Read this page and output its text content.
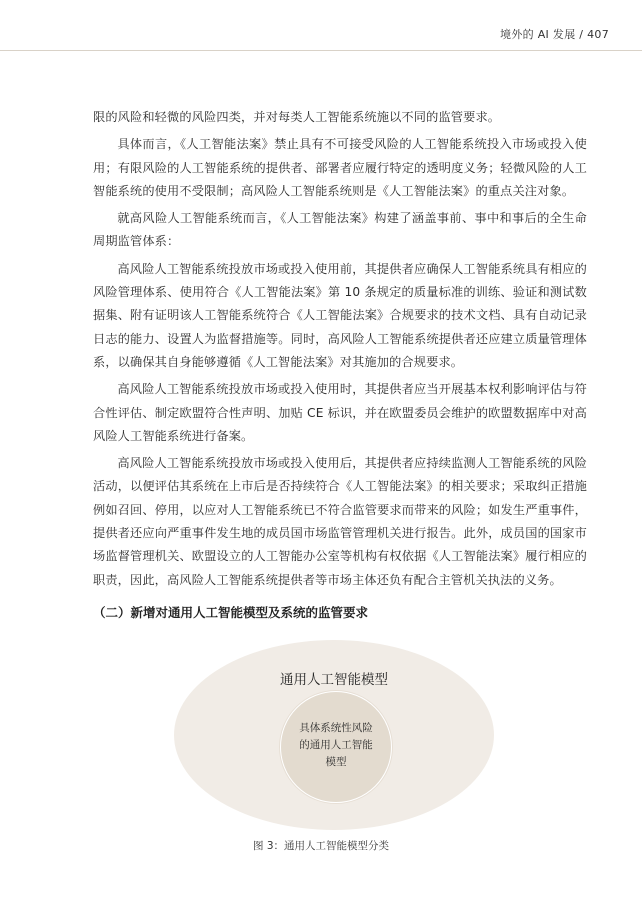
境外的 AI 发展 / 407

限的风险和轻微的风险四类，并对每类人工智能系统施以不同的监管要求。

具体而言，《人工智能法案》禁止具有不可接受风险的人工智能系统投入市场或投入使用；有限风险的人工智能系统的提供者、部署者应履行特定的透明度义务；轻微风险的人工智能系统的使用不受限制；高风险人工智能系统则是《人工智能法案》的重点关注对象。

就高风险人工智能系统而言，《人工智能法案》构建了涵盖事前、事中和事后的全生命周期监管体系：

高风险人工智能系统投放市场或投入使用前，其提供者应确保人工智能系统具有相应的风险管理体系、使用符合《人工智能法案》第 10 条规定的质量标准的训练、验证和测试数据集、附有证明该人工智能系统符合《人工智能法案》合规要求的技术文档、具有自动记录日志的能力、设置人为监督措施等。同时，高风险人工智能系统提供者还应建立质量管理体系，以确保其自身能够遵循《人工智能法案》对其施加的合规要求。

高风险人工智能系统投放市场或投入使用时，其提供者应当开展基本权利影响评估与符合性评估、制定欧盟符合性声明、加贴 CE 标识，并在欧盟委员会维护的欧盟数据库中对高风险人工智能系统进行备案。

高风险人工智能系统投放市场或投入使用后，其提供者应持续监测人工智能系统的风险活动，以便评估其系统在上市后是否持续符合《人工智能法案》的相关要求；采取纠正措施例如召回、停用，以应对人工智能系统已不符合监管要求而带来的风险；如发生严重事件，提供者还应向严重事件发生地的成员国市场监管管理机关进行报告。此外，成员国的国家市场监督管理机关、欧盟设立的人工智能办公室等机构有权依据《人工智能法案》履行相应的职责，因此，高风险人工智能系统提供者等市场主体还负有配合主管机关执法的义务。

（二）新增对通用人工智能模型及系统的监管要求
通用人工智能模型
具体系统性风险
的通用人工智能
模型
图 3：通用人工智能模型分类
